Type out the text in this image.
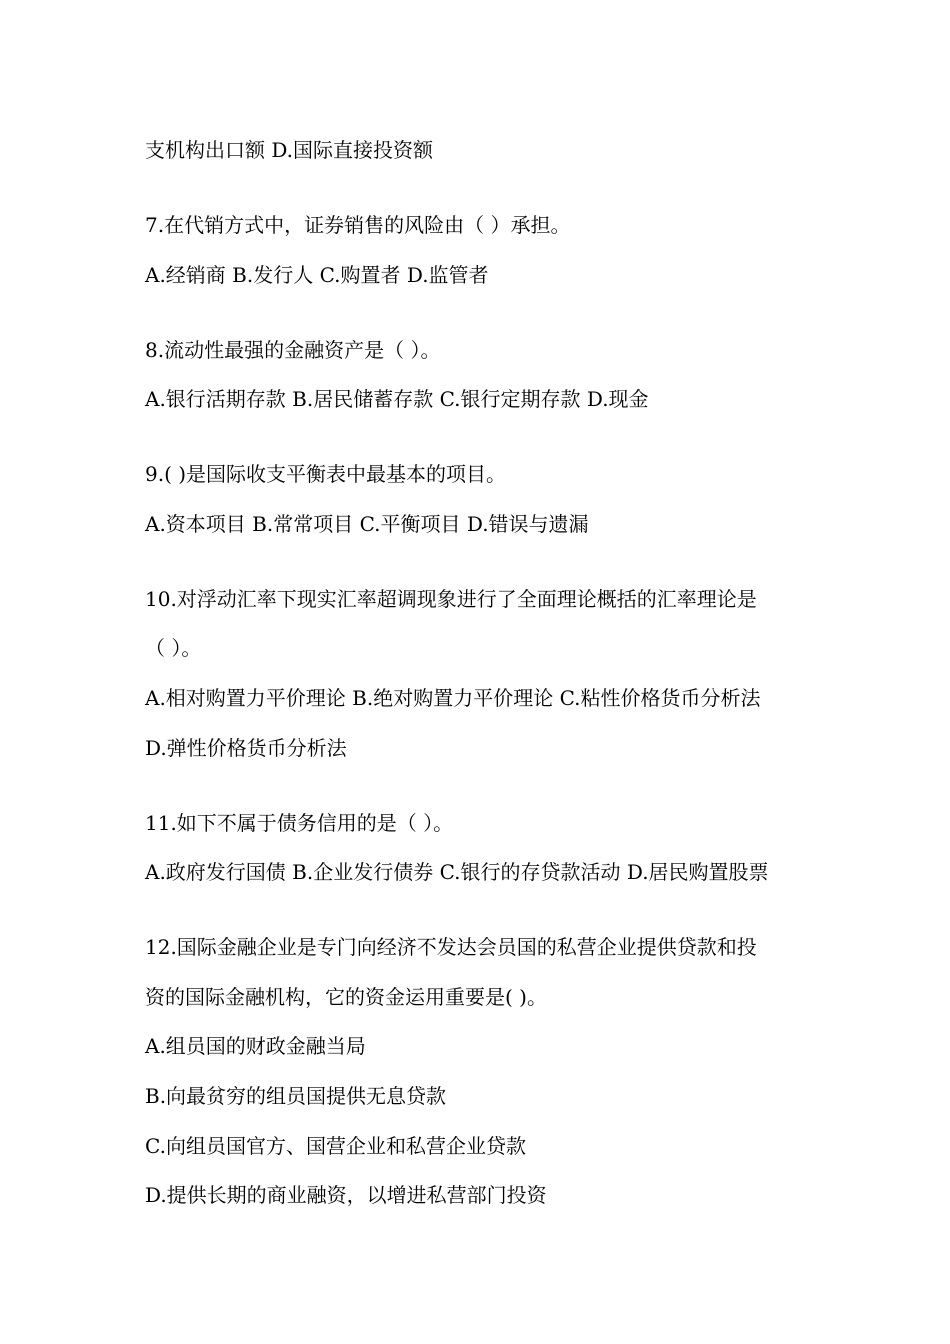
支机构出口额 D.国际直接投资额
7.在代销方式中，证券销售的风险由（ ）承担。
A.经销商 B.发行人 C.购置者 D.监管者
8.流动性最强的金融资产是（ ）。
A.银行活期存款 B.居民储蓄存款 C.银行定期存款 D.现金
9.( )是国际收支平衡表中最基本的项目。
A.资本项目 B.常常项目 C.平衡项目 D.错误与遗漏
10.对浮动汇率下现实汇率超调现象进行了全面理论概括的汇率理论是
（ ）。
A.相对购置力平价理论 B.绝对购置力平价理论 C.粘性价格货币分析法
D.弹性价格货币分析法
11.如下不属于债务信用的是（ ）。
A.政府发行国债 B.企业发行债券 C.银行的存贷款活动 D.居民购置股票
12.国际金融企业是专门向经济不发达会员国的私营企业提供贷款和投
资的国际金融机构，它的资金运用重要是( )。
A.组员国的财政金融当局
B.向最贫穷的组员国提供无息贷款
C.向组员国官方、国营企业和私营企业贷款
D.提供长期的商业融资，以增进私营部门投资
